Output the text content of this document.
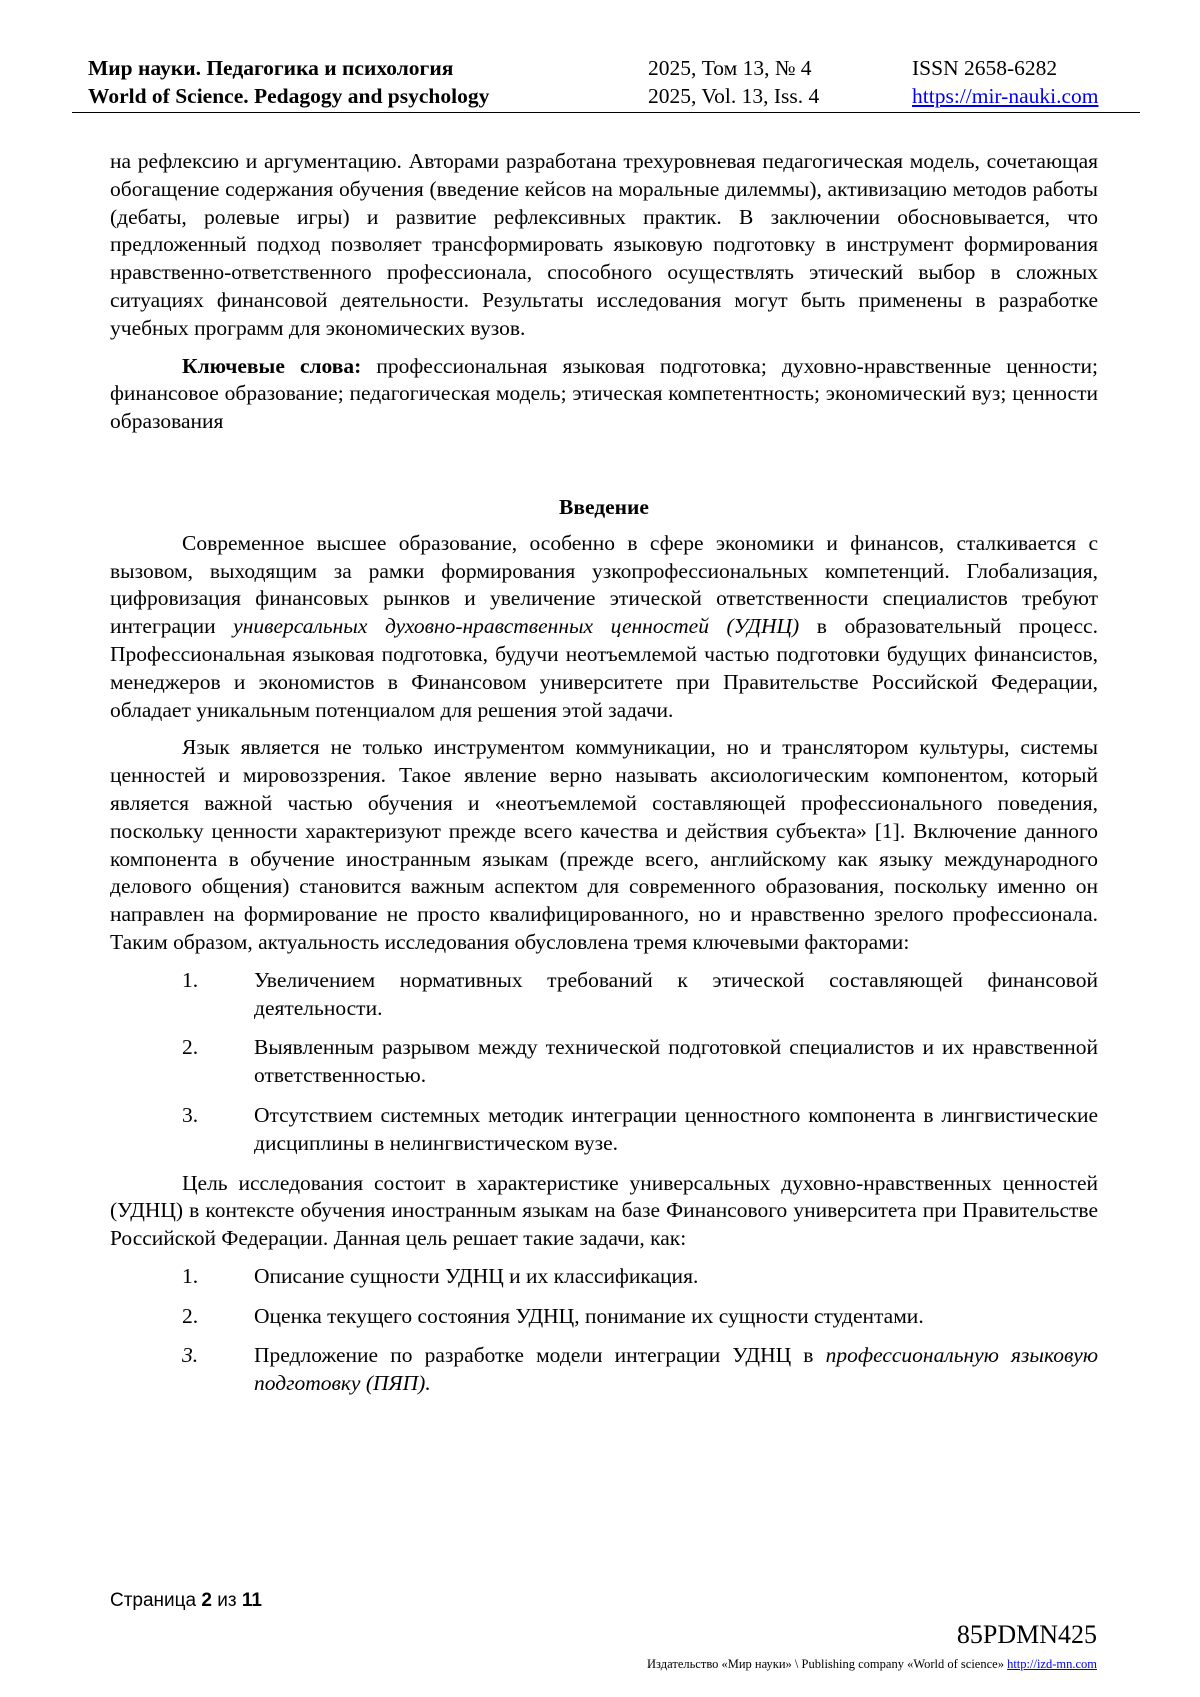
Мир науки. Педагогика и психология
World of Science. Pedagogy and psychology
2025, Том 13, № 4
2025, Vol. 13, Iss. 4
ISSN 2658-6282
https://mir-nauki.com

на рефлексию и аргументацию. Авторами разработана трехуровневая педагогическая модель, сочетающая обогащение содержания обучения (введение кейсов на моральные дилеммы), активизацию методов работы (дебаты, ролевые игры) и развитие рефлексивных практик. В заключении обосновывается, что предложенный подход позволяет трансформировать языковую подготовку в инструмент формирования нравственно-ответственного профессионала, способного осуществлять этический выбор в сложных ситуациях финансовой деятельности. Результаты исследования могут быть применены в разработке учебных программ для экономических вузов.

Ключевые слова: профессиональная языковая подготовка; духовно-нравственные ценности; финансовое образование; педагогическая модель; этическая компетентность; экономический вуз; ценности образования

Введение

Современное высшее образование, особенно в сфере экономики и финансов, сталкивается с вызовом, выходящим за рамки формирования узкопрофессиональных компетенций. Глобализация, цифровизация финансовых рынков и увеличение этической ответственности специалистов требуют интеграции универсальных духовно-нравственных ценностей (УДНЦ) в образовательный процесс. Профессиональная языковая подготовка, будучи неотъемлемой частью подготовки будущих финансистов, менеджеров и экономистов в Финансовом университете при Правительстве Российской Федерации, обладает уникальным потенциалом для решения этой задачи.

Язык является не только инструментом коммуникации, но и транслятором культуры, системы ценностей и мировоззрения. Такое явление верно называть аксиологическим компонентом, который является важной частью обучения и «неотъемлемой составляющей профессионального поведения, поскольку ценности характеризуют прежде всего качества и действия субъекта» [1]. Включение данного компонента в обучение иностранным языкам (прежде всего, английскому как языку международного делового общения) становится важным аспектом для современного образования, поскольку именно он направлен на формирование не просто квалифицированного, но и нравственно зрелого профессионала. Таким образом, актуальность исследования обусловлена тремя ключевыми факторами:

1.	Увеличением нормативных требований к этической составляющей финансовой деятельности.
2.	Выявленным разрывом между технической подготовкой специалистов и их нравственной ответственностью.
3.	Отсутствием системных методик интеграции ценностного компонента в лингвистические дисциплины в нелингвистическом вузе.

Цель исследования состоит в характеристике универсальных духовно-нравственных ценностей (УДНЦ) в контексте обучения иностранным языкам на базе Финансового университета при Правительстве Российской Федерации. Данная цель решает такие задачи, как:

1.	Описание сущности УДНЦ и их классификация.
2.	Оценка текущего состояния УДНЦ, понимание их сущности студентами.
3.	Предложение по разработке модели интеграции УДНЦ в профессиональную языковую подготовку (ПЯП).
Страница 2 из 11
85PDMN425
Издательство «Мир науки» \ Publishing company «World of science» http://izd-mn.com
